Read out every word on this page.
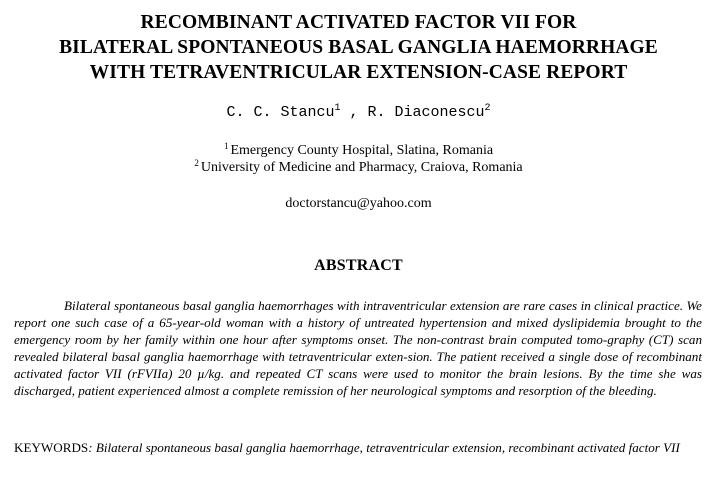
RECOMBINANT ACTIVATED FACTOR VII FOR
BILATERAL SPONTANEOUS BASAL GANGLIA HAEMORRHAGE
WITH TETRAVENTRICULAR EXTENSION-CASE REPORT
C. C. Stancu$^1$ , R. Diaconescu$^2$
$^1$ Emergency County Hospital, Slatina, Romania
$^2$ University of Medicine and Pharmacy, Craiova, Romania
doctorstancu@yahoo.com
ABSTRACT
Bilateral spontaneous basal ganglia haemorrhages with intraventricular extension are rare cases in clinical practice. We report one such case of a 65-year-old woman with a history of untreated hypertension and mixed dyslipidemia brought to the emergency room by her family within one hour after symptoms onset. The non-contrast brain computed tomo-graphy (CT) scan revealed bilateral basal ganglia haemorrhage with tetraventricular exten-sion. The patient received a single dose of recombinant activated factor VII (rFVIIa) 20 µ/kg. and repeated CT scans were used to monitor the brain lesions. By the time she was discharged, patient experienced almost a complete remission of her neurological symptoms and resorption of the bleeding.
KEYWORDS: Bilateral spontaneous basal ganglia haemorrhage, tetraventricular extension, recombinant activated factor VII
